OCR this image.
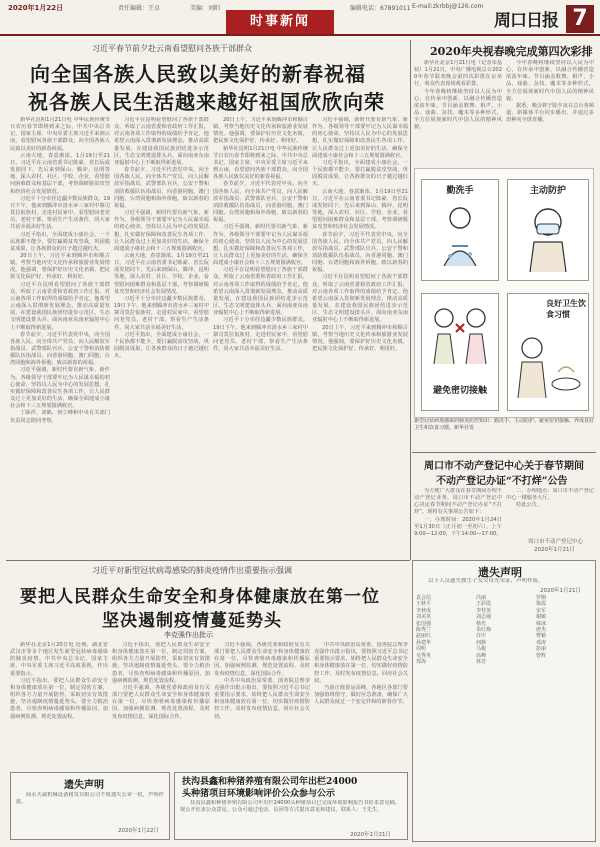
2020年1月22日	责任编辑：王卓	美编：刘阳
时事新闻
编辑电话：67891011 E-mail:zkrbbj@126.com
周口日报 7
习近平春节前夕赴云南看望慰问各族干部群众
向全国各族人民致以美好的新春祝福
祝各族人民生活越来越好祖国欣欣向荣

新华社昆明1月21日电 中华民族传统节日农历春节即将到来之际，中共中央总书记、国家主席、中央军委主席习近平来到云南，看望慰问各族干部群众，向全国各族人民致以美好的新春祝福。

云南大地，春意渐浓。1月19日至21日，习近平在云南省委书记陈豪、省长阮成发陪同下，先后来到保山、腾冲、昆明等地，深入农村、社区、学校、企业，看望慰问困难群众和基层干部，考察调研脱贫攻坚和经济社会发展情况。

习近平十分牵挂边疆少数民族群众。19日下午，他来到腾冲市清水乡三家村中寨司莫拉佤族村，走进村民家中，看望慰问老党员、老村干部，察看生产生活条件，同大家共话幸福美好生活。

习近平指出，全面建成小康社会，一个民族都不能少。要打赢脱贫攻坚战，巩固脱贫成果，让各族群众的日子越过越红火。

20日上午，习近平来到腾冲市和顺古镇，考察当地历史文化传承和旅游业发展情况。他强调，要保护好历史文化名镇，把民族文化保护好、传承好、利用好。

习近平在昆明看望慰问了各族干部群众，听取了云南省委和省政府工作汇报，对云南各项工作取得的成绩给予肯定。他希望云南深入贯彻新发展理念，推动高质量发展，在建设我国民族团结进步示范区、生态文明建设排头兵、面向南亚东南亚辐射中心上不断取得新进展。

春节前夕，习近平代表党中央，向全国各族人民，向全体共产党员，向人民解放军指战员、武警部队官兵、公安干警和消防救援队伍指战员，向香港同胞、澳门同胞、台湾同胞和海外侨胞，致以新春的祝福。

习近平强调，新时代要有新气象、新作为。各级领导干部要牢记为人民谋幸福的初心使命，坚持以人民为中心的发展思想，扎实做好保障和改善民生各项工作，让人民群众过上更加美好的生活，确保全面建成小康社会和十三五规划圆满收官。

丁薛祥、刘鹤、何立峰和中央有关部门负责同志陪同考察。

习近平在昆明看望慰问了各族干部群众，听取了云南省委和省政府工作汇报，对云南各项工作取得的成绩给予肯定。他希望云南深入贯彻新发展理念，推动高质量发展，在建设我国民族团结进步示范区、生态文明建设排头兵、面向南亚东南亚辐射中心上不断取得新进展。

春节前夕，习近平代表党中央，向全国各族人民，向全体共产党员，向人民解放军指战员、武警部队官兵、公安干警和消防救援队伍指战员，向香港同胞、澳门同胞、台湾同胞和海外侨胞，致以新春的祝福。

习近平强调，新时代要有新气象、新作为。各级领导干部要牢记为人民谋幸福的初心使命，坚持以人民为中心的发展思想，扎实做好保障和改善民生各项工作，让人民群众过上更加美好的生活，确保全面建成小康社会和十三五规划圆满收官。

云南大地，春意渐浓。1月19日至21日，习近平在云南省委书记陈豪、省长阮成发陪同下，先后来到保山、腾冲、昆明等地，深入农村、社区、学校、企业，看望慰问困难群众和基层干部，考察调研脱贫攻坚和经济社会发展情况。

习近平十分牵挂边疆少数民族群众。19日下午，他来到腾冲市清水乡三家村中寨司莫拉佤族村，走进村民家中，看望慰问老党员、老村干部，察看生产生活条件，同大家共话幸福美好生活。

习近平指出，全面建成小康社会，一个民族都不能少。要打赢脱贫攻坚战，巩固脱贫成果，让各族群众的日子越过越红火。

20日上午，习近平来到腾冲市和顺古镇，考察当地历史文化传承和旅游业发展情况。他强调，要保护好历史文化名镇，把民族文化保护好、传承好、利用好。

新华社昆明1月21日电 中华民族传统节日农历春节即将到来之际，中共中央总书记、国家主席、中央军委主席习近平来到云南，看望慰问各族干部群众，向全国各族人民致以美好的新春祝福。

春节前夕，习近平代表党中央，向全国各族人民，向全体共产党员，向人民解放军指战员、武警部队官兵、公安干警和消防救援队伍指战员，向香港同胞、澳门同胞、台湾同胞和海外侨胞，致以新春的祝福。

习近平强调，新时代要有新气象、新作为。各级领导干部要牢记为人民谋幸福的初心使命，坚持以人民为中心的发展思想，扎实做好保障和改善民生各项工作，让人民群众过上更加美好的生活，确保全面建成小康社会和十三五规划圆满收官。

习近平在昆明看望慰问了各族干部群众，听取了云南省委和省政府工作汇报，对云南各项工作取得的成绩给予肯定。他希望云南深入贯彻新发展理念，推动高质量发展，在建设我国民族团结进步示范区、生态文明建设排头兵、面向南亚东南亚辐射中心上不断取得新进展。

习近平十分牵挂边疆少数民族群众。19日下午，他来到腾冲市清水乡三家村中寨司莫拉佤族村，走进村民家中，看望慰问老党员、老村干部，察看生产生活条件，同大家共话幸福美好生活。

习近平强调，新时代要有新气象、新作为。各级领导干部要牢记为人民谋幸福的初心使命，坚持以人民为中心的发展思想，扎实做好保障和改善民生各项工作，让人民群众过上更加美好的生活，确保全面建成小康社会和十三五规划圆满收官。

习近平指出，全面建成小康社会，一个民族都不能少。要打赢脱贫攻坚战，巩固脱贫成果，让各族群众的日子越过越红火。

云南大地，春意渐浓。1月19日至21日，习近平在云南省委书记陈豪、省长阮成发陪同下，先后来到保山、腾冲、昆明等地，深入农村、社区、学校、企业，看望慰问困难群众和基层干部，考察调研脱贫攻坚和经济社会发展情况。

春节前夕，习近平代表党中央，向全国各族人民，向全体共产党员，向人民解放军指战员、武警部队官兵、公安干警和消防救援队伍指战员，向香港同胞、澳门同胞、台湾同胞和海外侨胞，致以新春的祝福。

习近平在昆明看望慰问了各族干部群众，听取了云南省委和省政府工作汇报，对云南各项工作取得的成绩给予肯定。他希望云南深入贯彻新发展理念，推动高质量发展，在建设我国民族团结进步示范区、生态文明建设排头兵、面向南亚东南亚辐射中心上不断取得新进展。

20日上午，习近平来到腾冲市和顺古镇，考察当地历史文化传承和旅游业发展情况。他强调，要保护好历史文化名镇，把民族文化保护好、传承好、利用好。

2020年央视春晚完成第四次彩排

新华社北京1月21日电（记者朱基钗）1月21日，中央广播电视总台2020年春节联欢晚会第四次彩排在京举行，观众代表现场观看彩排。

今年春晚将继续坚持以人民为中心，在传承中创新，以融合传播营造浓浓年味。节目涵盖歌舞、相声、小品、戏曲、杂技、魔术等多种形式，全方位展现新时代中国人民的精神风貌。

今年春晚将继续坚持以人民为中心，在传承中创新，以融合传播营造浓浓年味。节目涵盖歌舞、相声、小品、戏曲、杂技、魔术等多种形式，全方位展现新时代中国人民的精神风貌。

据悉，晚会将于除夕夜在总台各频道、新媒体平台同步播出，并通过多语种向全球直播。

勤洗手	主动防护
避免密切接触
良好卫生饮食习惯
新型冠状病毒感染的肺炎防控知识：勤洗手、主动防护、避免密切接触、养成良好卫生和饮食习惯。新华社发
周口市不动产登记中心关于春节期间
不动产登记办证“不打烊”公告

为方便广大群众在春节期间办理不动产登记业务，周口市不动产登记中心决定春节期间不动产登记办证“不打烊”。现将有关事项公告如下：

一、办理时间：2020年1月24日至1月30日（正月初一至初六），上午9:00—12:00，下午14:00—17:00。

二、办理地点：周口市不动产登记中心一楼服务大厅。

特此公告。

周口市不动产登记中心
2020年1月21日
习近平对新型冠状病毒感染的肺炎疫情作出重要指示强调
要把人民群众生命安全和身体健康放在第一位
坚决遏制疫情蔓延势头
李克强作出批示

新华社北京1月20日电 近期，湖北省武汉市等多个地区发生新型冠状病毒感染的肺炎疫情。中共中央总书记、国家主席、中央军委主席习近平高度重视，作出重要指示。

习近平指出，要把人民群众生命安全和身体健康放在第一位，制定周密方案，组织各方力量开展防控，采取切实有效措施，坚决遏制疫情蔓延势头。要全力救治患者，尽快查明病毒感染和传播原因，加强病例监测，规范处置流程。

习近平指出，要把人民群众生命安全和身体健康放在第一位，制定周密方案，组织各方力量开展防控，采取切实有效措施，坚决遏制疫情蔓延势头。要全力救治患者，尽快查明病毒感染和传播原因，加强病例监测，规范处置流程。

习近平强调，各级党委和政府及有关部门要把人民群众生命安全和身体健康放在第一位，尽快查明病毒感染和传播原因，加强病例监测，规范处置流程，及时发布疫情信息，深化国际合作。

习近平强调，各级党委和政府及有关部门要把人民群众生命安全和身体健康放在第一位，尽快查明病毒感染和传播原因，加强病例监测，规范处置流程，及时发布疫情信息，深化国际合作。

中共中央政治局常委、国务院总理李克强作出批示指出，要按照习近平总书记重要指示要求，始终把人民群众生命安全和身体健康放在第一位，切实做好疫情防控工作，及时发布疫情信息，回应社会关切。

中共中央政治局常委、国务院总理李克强作出批示指出，要按照习近平总书记重要指示要求，始终把人民群众生命安全和身体健康放在第一位，切实做好疫情防控工作，及时发布疫情信息，回应社会关切。

当前正值春运高峰，各地区各部门要加强值班值守，做好应急准备，确保广大人民群众度过一个安定祥和的新春佳节。

遗失声明

商水天诚机械设备租赁有限公司不慎遗失公章一枚，声明作废。

2020年1月22日
扶沟县鑫和种猪养殖有限公司年出栏24000
头种猪项目环境影响评价公众参与公示

扶沟县鑫和种猪养殖有限公司年出栏24000头种猪项目已完成环境影响报告书征求意见稿，现公开征求公众意见。公众可通过电话、信函等方式提出意见和建议。联系人：王先生。

2020年1月21日
遗失声明

以下人员遗失独生子女父母光荣证，声明作废。

2020年1月21日
袁会信
王秋平
李秋成
刘美英
张国强
陈秀兰
赵丽红
孙建华
周明
吴秀英
郑海
冯丽
王彩霞
李桂英
刘志强
杨光
朱红梅
许庆
何静
马俊
高峰
林芳
罗刚
梁霞
宋军
谢敏
韩冰
唐杰
曹颖
邓涛
彭丽
曾辉
